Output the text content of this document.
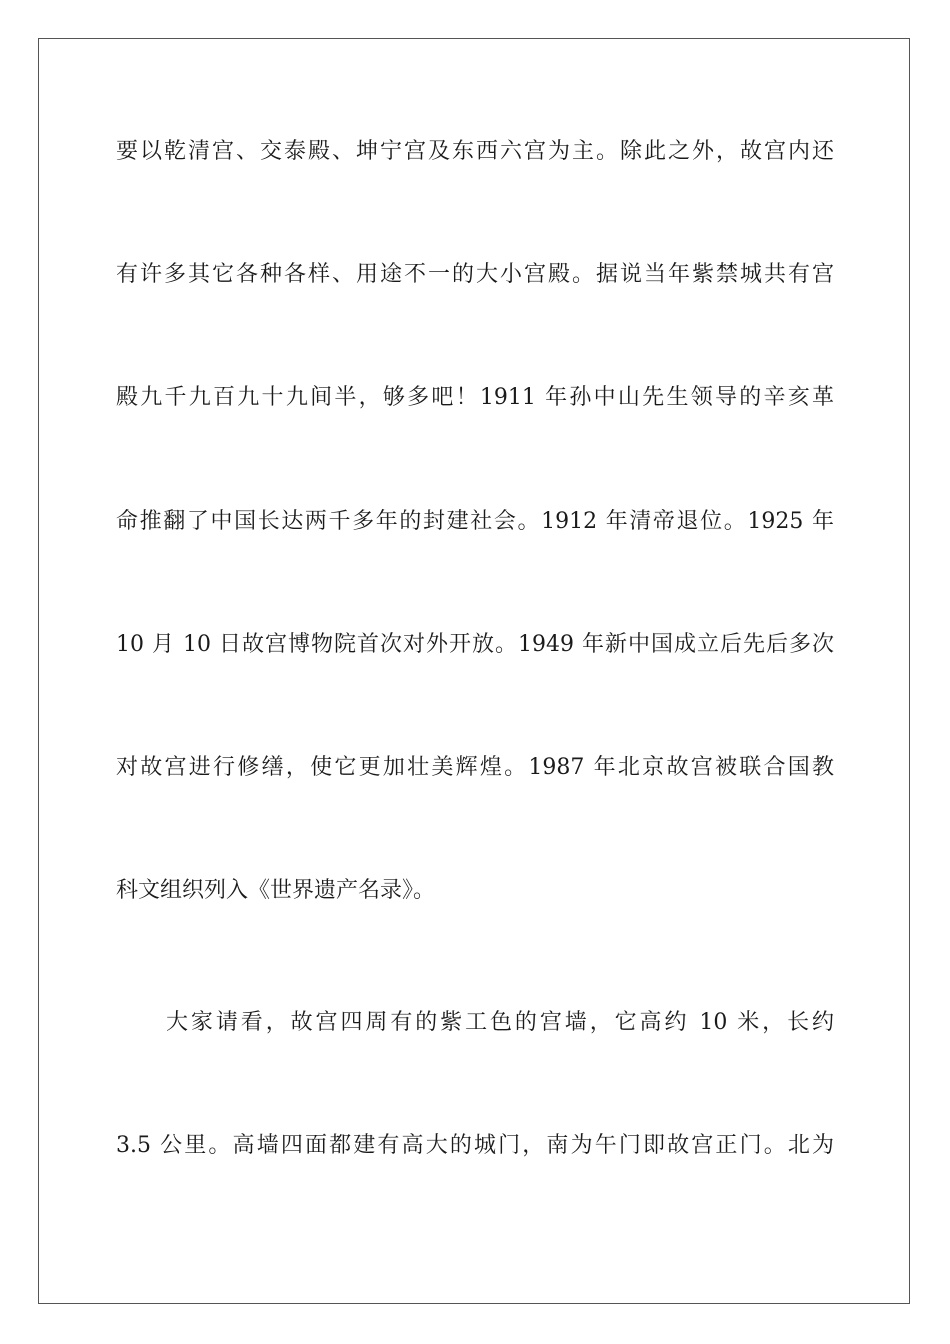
要以乾清宫、交泰殿、坤宁宫及东西六宫为主。除此之外，故宫内还
有许多其它各种各样、用途不一的大小宫殿。据说当年紫禁城共有宫
殿九千九百九十九间半，够多吧！1911 年孙中山先生领导的辛亥革
命推翻了中国长达两千多年的封建社会。1912 年清帝退位。1925 年
10 月 10 日故宫博物院首次对外开放。1949 年新中国成立后先后多次
对故宫进行修缮，使它更加壮美辉煌。1987 年北京故宫被联合国教
科文组织列入《世界遗产名录》。
大家请看，故宫四周有的紫工色的宫墙，它高约 10 米，长约
3.5 公里。高墙四面都建有高大的城门，南为午门即故宫正门。北为
